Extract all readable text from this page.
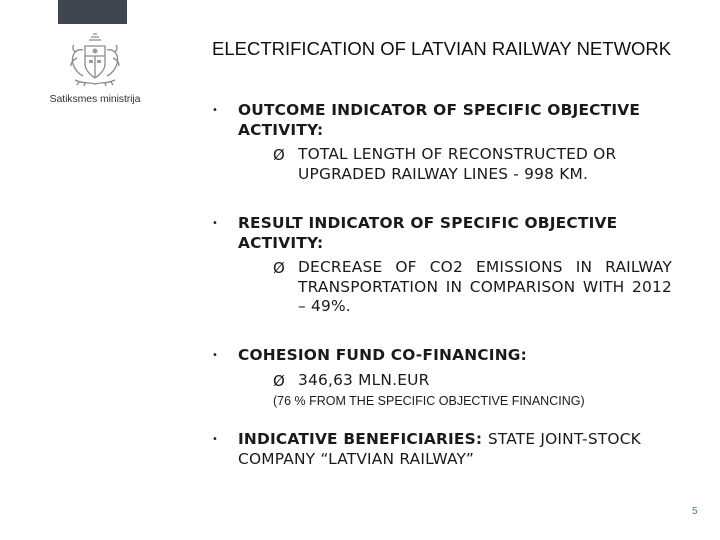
Satiksmes ministrija
ELECTRIFICATION OF LATVIAN RAILWAY NETWORK
• OUTCOME INDICATOR OF SPECIFIC OBJECTIVE ACTIVITY:
Ø TOTAL LENGTH OF RECONSTRUCTED OR UPGRADED RAILWAY LINES - 998 KM.
• RESULT INDICATOR OF SPECIFIC OBJECTIVE ACTIVITY:
Ø DECREASE OF CO2 EMISSIONS IN RAILWAY TRANSPORTATION IN COMPARISON WITH 2012 – 49%.
• COHESION FUND CO-FINANCING:
Ø 346,63 MLN.EUR
(76 % FROM THE SPECIFIC OBJECTIVE FINANCING)
• INDICATIVE BENEFICIARIES: STATE JOINT-STOCK COMPANY “LATVIAN RAILWAY”
5
